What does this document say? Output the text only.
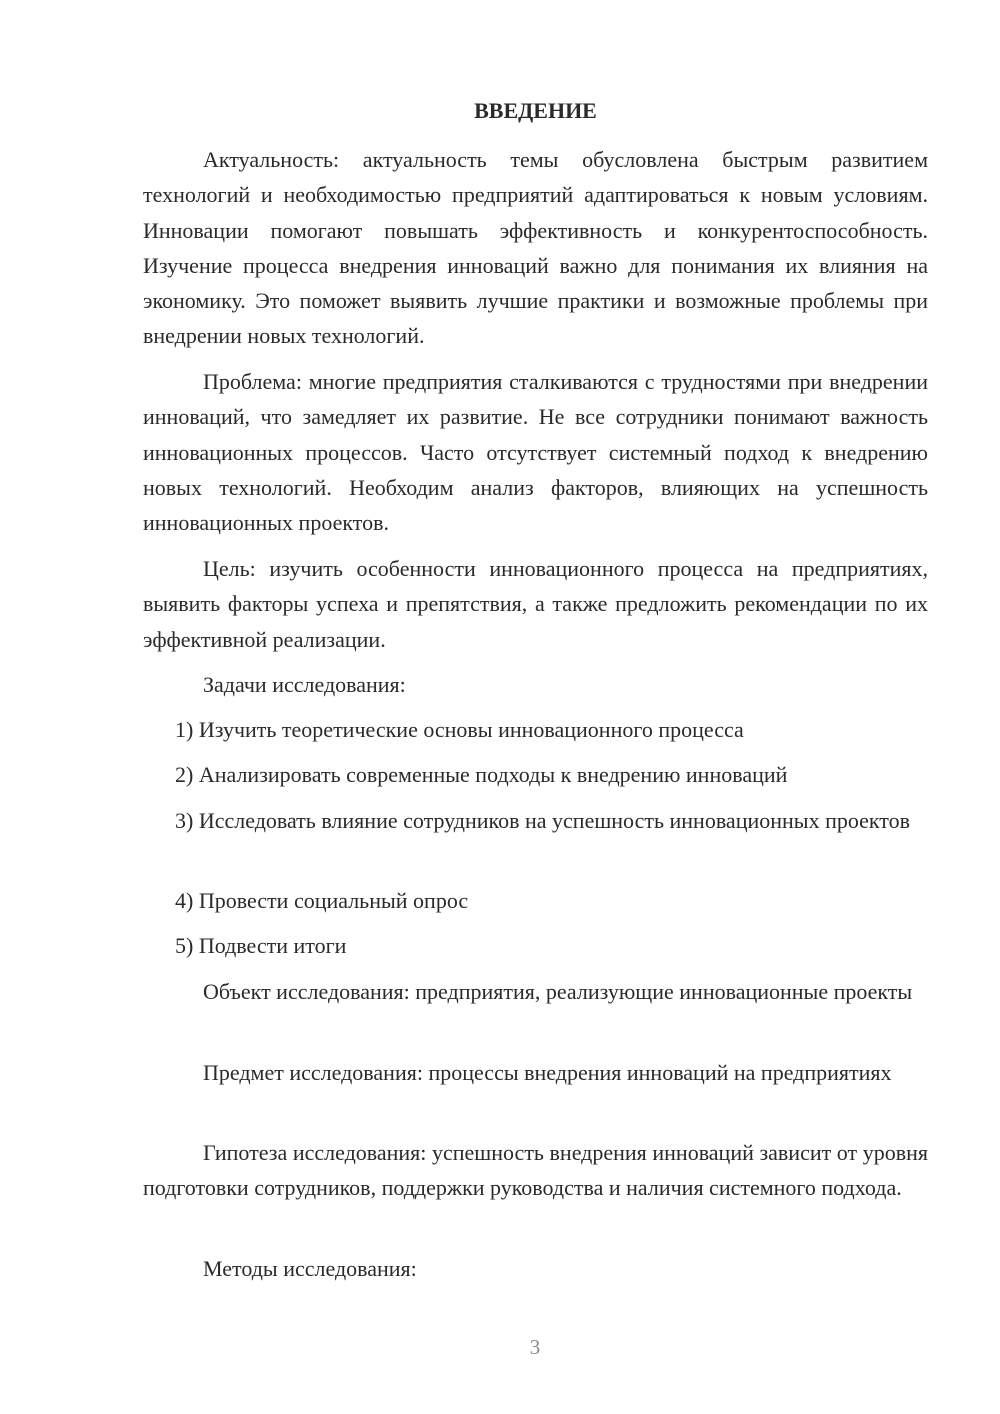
ВВЕДЕНИЕ

Актуальность: актуальность темы обусловлена быстрым развитием технологий и необходимостью предприятий адаптироваться к новым условиям. Инновации помогают повышать эффективность и конкурентоспособность. Изучение процесса внедрения инноваций важно для понимания их влияния на экономику. Это поможет выявить лучшие практики и возможные проблемы при внедрении новых технологий.

Проблема: многие предприятия сталкиваются с трудностями при внедрении инноваций, что замедляет их развитие. Не все сотрудники понимают важность инновационных процессов. Часто отсутствует системный подход к внедрению новых технологий. Необходим анализ факторов, влияющих на успешность инновационных проектов.

Цель: изучить особенности инновационного процесса на предприятиях, выявить факторы успеха и препятствия, а также предложить рекомендации по их эффективной реализации.

Задачи исследования:

1) Изучить теоретические основы инновационного процесса

2) Анализировать современные подходы к внедрению инноваций

3) Исследовать влияние сотрудников на успешность инновационных проектов

4) Провести социальный опрос

5) Подвести итоги

Объект исследования: предприятия, реализующие инновационные проекты

Предмет исследования: процессы внедрения инноваций на предприятиях

Гипотеза исследования: успешность внедрения инноваций зависит от уровня подготовки сотрудников, поддержки руководства и наличия системного подхода.

Методы исследования:

3
